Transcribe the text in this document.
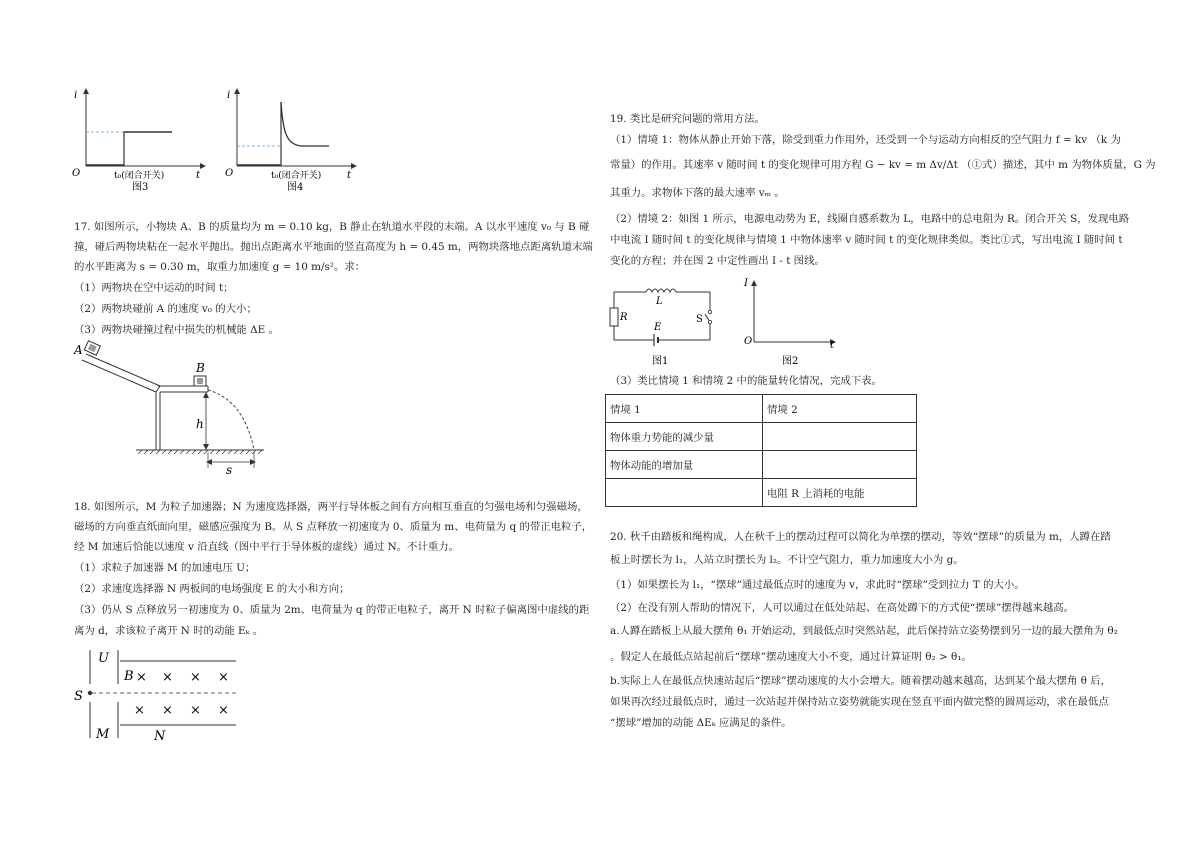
i
O	t
t₀(闭合开关)
图3
i
O	t
t₀(闭合开关)
图4
17. 如图所示，小物块 A、B 的质量均为 m = 0.10 kg，B 静止在轨道水平段的末端。A 以水平速度 v₀ 与 B 碰
撞，碰后两物块粘在一起水平抛出。抛出点距离水平地面的竖直高度为 h = 0.45 m，两物块落地点距离轨道末端
的水平距离为 s = 0.30 m，取重力加速度 g = 10 m/s²。求：
（1）两物块在空中运动的时间 t；
（2）两物块碰前 A 的速度 v₀ 的大小；
（3）两物块碰撞过程中损失的机械能 ΔE 。
A
B
h
s
18. 如图所示，M 为粒子加速器；N 为速度选择器，两平行导体板之间有方向相互垂直的匀强电场和匀强磁场，
磁场的方向垂直纸面向里，磁感应强度为 B。从 S 点释放一初速度为 0、质量为 m、电荷量为 q 的带正电粒子，
经 M 加速后恰能以速度 v 沿直线（图中平行于导体板的虚线）通过 N。不计重力。
（1）求粒子加速器 M 的加速电压 U；
（2）求速度选择器 N 两板间的电场强度 E 的大小和方向；
（3）仍从 S 点释放另一初速度为 0、质量为 2m、电荷量为 q 的带正电粒子，离开 N 时粒子偏离图中虚线的距
离为 d，求该粒子离开 N 时的动能 Eₖ 。
× × × ×
× × × ×
U
B
S
M	N
19. 类比是研究问题的常用方法。
（1）情境 1：物体从静止开始下落，除受到重力作用外，还受到一个与运动方向相反的空气阻力 f = kv （k 为
常量）的作用。其速率 v 随时间 t 的变化规律可用方程 G − kv = m Δv/Δt （①式）描述，其中 m 为物体质量，G 为
其重力。求物体下落的最大速率 vₘ 。
（2）情境 2：如图 1 所示，电源电动势为 E，线圈自感系数为 L，电路中的总电阻为 R。闭合开关 S，发现电路
中电流 I 随时间 t 的变化规律与情境 1 中物体速率 v 随时间 t 的变化规律类似。类比①式，写出电流 I 随时间 t
变化的方程；并在图 2 中定性画出 I - t 图线。
L
R
E
S
图1
I
O	t
图2
（3）类比情境 1 和情境 2 中的能量转化情况，完成下表。
情境 1	情境 2
物体重力势能的减少量	
物体动能的增加量	
	电阻 R 上消耗的电能
20. 秋千由踏板和绳构成，人在秋千上的摆动过程可以简化为单摆的摆动，等效“摆球”的质量为 m，人蹲在踏
板上时摆长为 l₁，人站立时摆长为 l₂。不计空气阻力，重力加速度大小为 g。
（1）如果摆长为 l₁，“摆球”通过最低点时的速度为 v，求此时“摆球”受到拉力 T 的大小。
（2）在没有别人帮助的情况下，人可以通过在低处站起、在高处蹲下的方式使“摆球”摆得越来越高。
a.人蹲在踏板上从最大摆角 θ₁ 开始运动，到最低点时突然站起，此后保持站立姿势摆到另一边的最大摆角为 θ₂
。假定人在最低点站起前后“摆球”摆动速度大小不变，通过计算证明 θ₂ > θ₁。
b.实际上人在最低点快速站起后“摆球”摆动速度的大小会增大。随着摆动越来越高，达到某个最大摆角 θ 后，
如果再次经过最低点时，通过一次站起并保持站立姿势就能实现在竖直平面内做完整的圆周运动，求在最低点
“摆球”增加的动能 ΔEₖ 应满足的条件。
